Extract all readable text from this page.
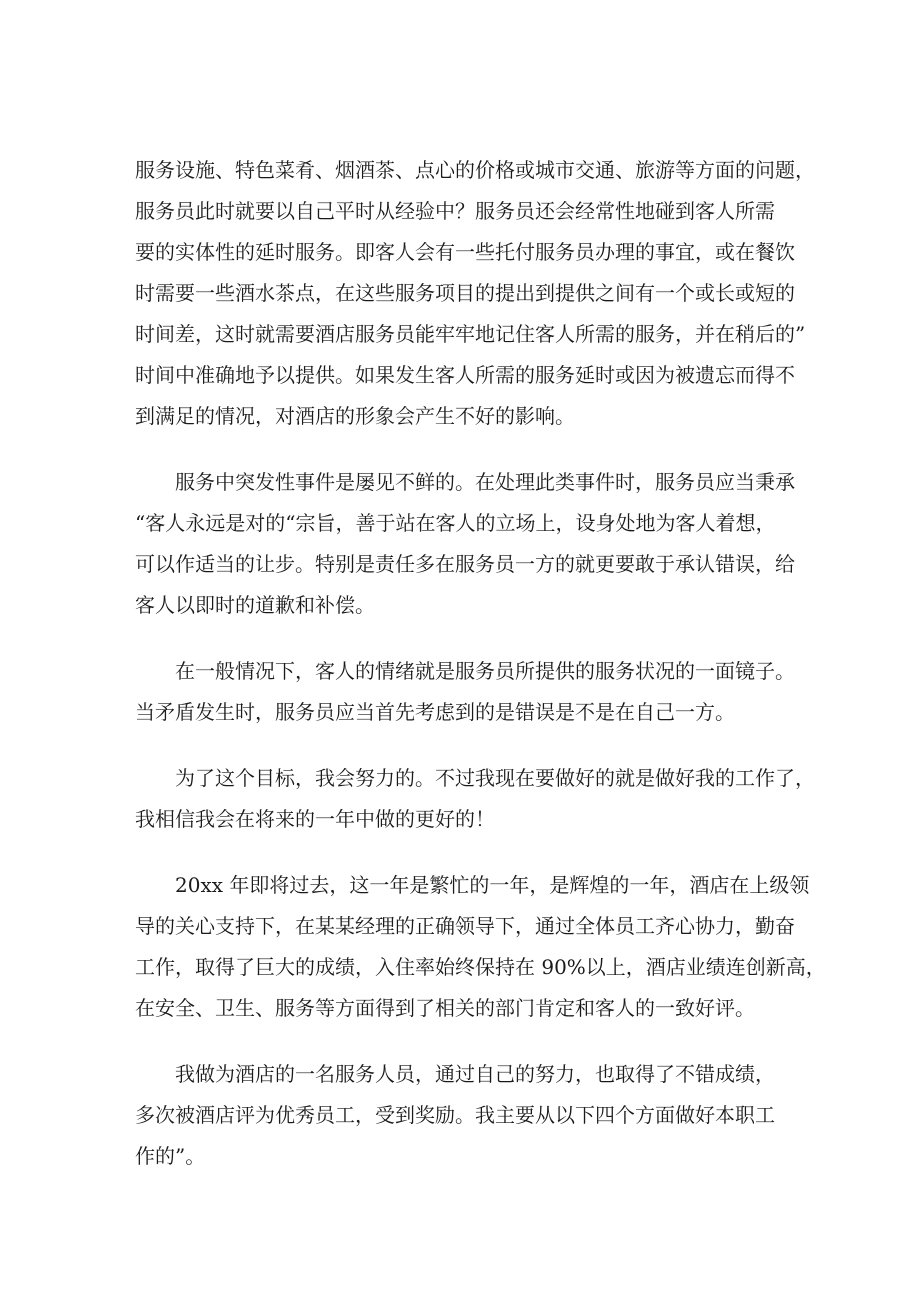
服务设施、特色菜肴、烟酒茶、点心的价格或城市交通、旅游等方面的问题，
服务员此时就要以自己平时从经验中？服务员还会经常性地碰到客人所需
要的实体性的延时服务。即客人会有一些托付服务员办理的事宜，或在餐饮
时需要一些酒水茶点，在这些服务项目的提出到提供之间有一个或长或短的
时间差，这时就需要酒店服务员能牢牢地记住客人所需的服务，并在稍后的”
时间中准确地予以提供。如果发生客人所需的服务延时或因为被遗忘而得不
到满足的情况，对酒店的形象会产生不好的影响。
服务中突发性事件是屡见不鲜的。在处理此类事件时，服务员应当秉承
“客人永远是对的“宗旨，善于站在客人的立场上，设身处地为客人着想，
可以作适当的让步。特别是责任多在服务员一方的就更要敢于承认错误，给
客人以即时的道歉和补偿。
在一般情况下，客人的情绪就是服务员所提供的服务状况的一面镜子。
当矛盾发生时，服务员应当首先考虑到的是错误是不是在自己一方。
为了这个目标，我会努力的。不过我现在要做好的就是做好我的工作了，
我相信我会在将来的一年中做的更好的！
20xx 年即将过去，这一年是繁忙的一年，是辉煌的一年，酒店在上级领
导的关心支持下，在某某经理的正确领导下，通过全体员工齐心协力，勤奋
工作，取得了巨大的成绩，入住率始终保持在 90%以上，酒店业绩连创新高，
在安全、卫生、服务等方面得到了相关的部门肯定和客人的一致好评。
我做为酒店的一名服务人员，通过自己的努力，也取得了不错成绩，
多次被酒店评为优秀员工，受到奖励。我主要从以下四个方面做好本职工
作的”。
